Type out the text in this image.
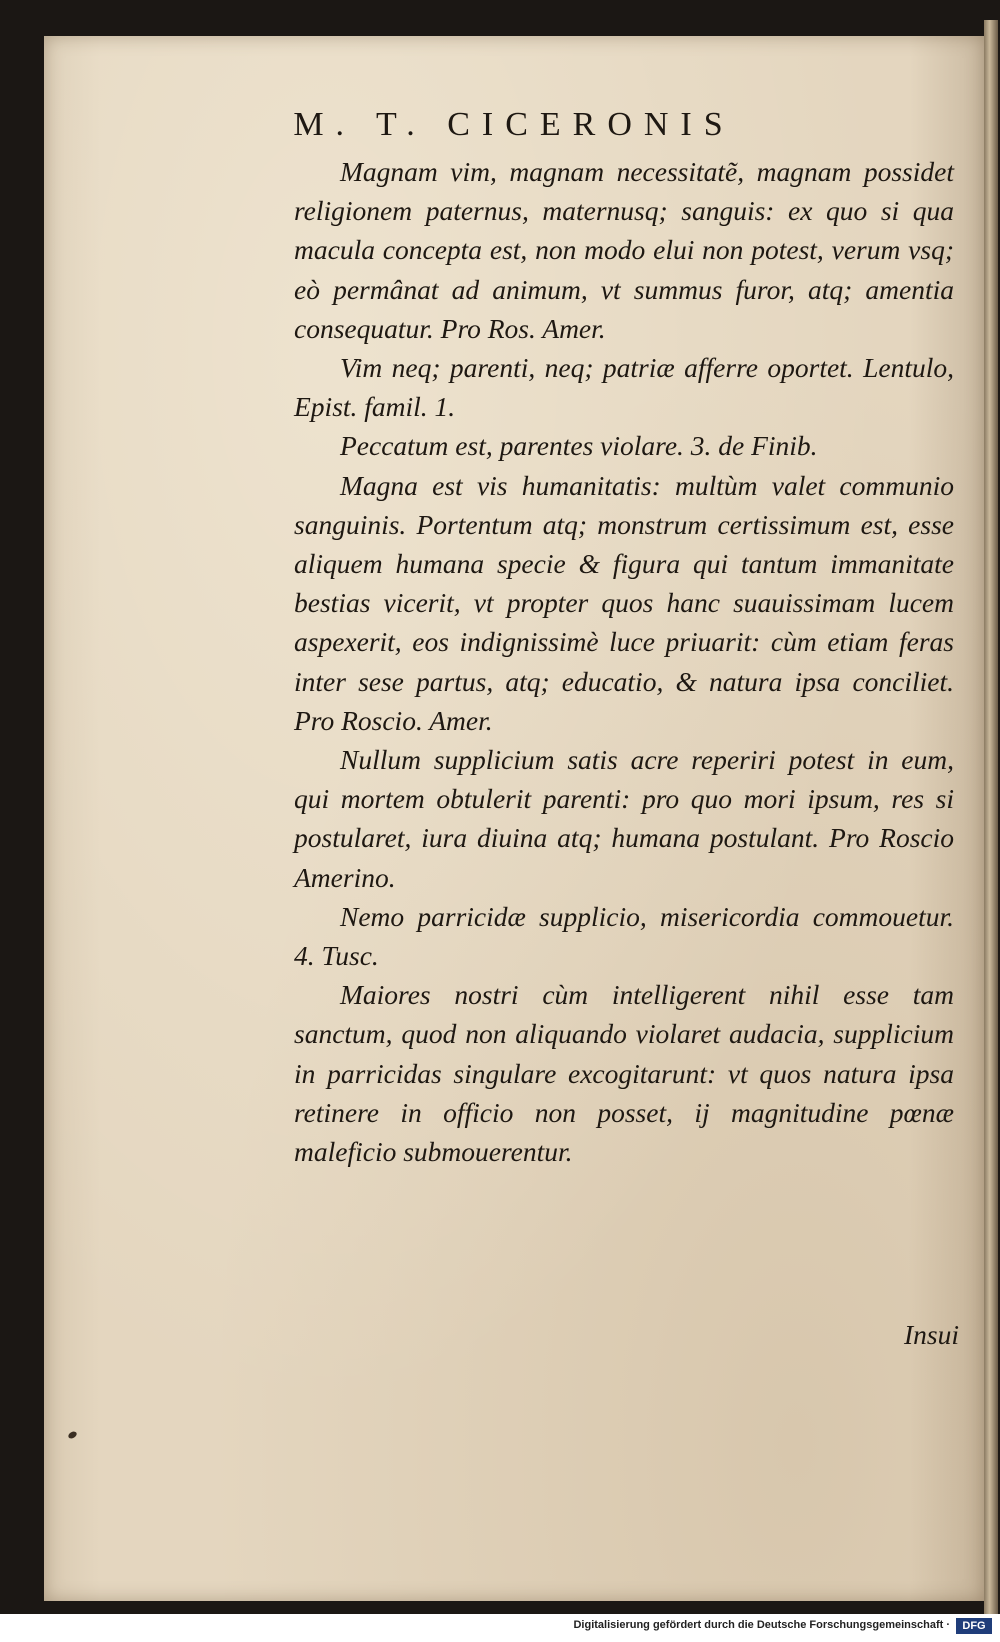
M. T. CICERONIS

Magnam vim, magnam necessitatẽ, magnam possidet religionem paternus, maternusq; sanguis: ex quo si qua macula concepta est, non modo elui non potest, verum vsq; eò permânat ad animum, vt summus furor, atq; amentia consequatur. Pro Ros. Amer.

Vim neq; parenti, neq; patriæ afferre oportet. Lentulo, Epist. famil. 1.

Peccatum est, parentes violare. 3. de Finib.

Magna est vis humanitatis: multùm valet communio sanguinis. Portentum atq; monstrum certissimum est, esse aliquem humana specie & figura qui tantum immanitate bestias vicerit, vt propter quos hanc suauissimam lucem aspexerit, eos indignissimè luce priuarit: cùm etiam feras inter sese partus, atq; educatio, & natura ipsa conciliet. Pro Roscio. Amer.

Nullum supplicium satis acre reperiri potest in eum, qui mortem obtulerit parenti: pro quo mori ipsum, res si postularet, iura diuina atq; humana postulant. Pro Roscio Amerino.

Nemo parricidæ supplicio, misericordia commouetur. 4. Tusc.

Maiores nostri cùm intelligerent nihil esse tam sanctum, quod non aliquando violaret audacia, supplicium in parricidas singulare excogitarunt: vt quos natura ipsa retinere in officio non posset, ij magnitudine pœnæ maleficio submouerentur.

Insui

Digitalisierung gefördert durch die Deutsche Forschungsgemeinschaft ·	DFG
